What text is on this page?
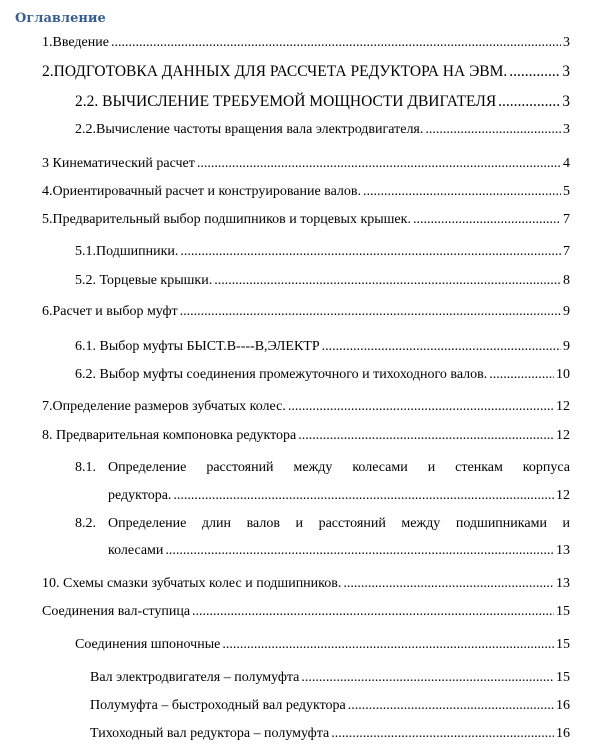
Оглавление
1.Введение .....	3
2.ПОДГОТОВКА ДАННЫХ ДЛЯ РАССЧЕТА РЕДУКТОРА НА ЭВМ. .....	3
2.2. ВЫЧИСЛЕНИЕ ТРЕБУЕМОЙ МОЩНОСТИ ДВИГАТЕЛЯ .....	3
2.2.Вычисление частоты вращения вала электродвигателя. .....	3
3 Кинематический расчет .....	4
4.Ориентировачный расчет и конструирование валов. .....	5
5.Предварительный выбор подшипников и торцевых крышек. .....	7
5.1.Подшипники. .....	7
5.2. Торцевые крышки. .....	8
6.Расчет и выбор муфт .....	9
6.1. Выбор муфты БЫСТ.В----В,ЭЛЕКТР .....	9
6.2. Выбор муфты соединения промежуточного и тихоходного валов. .....	10
7.Определение размеров зубчатых колес. .....	12
8. Предварительная компоновка редуктора .....	12
8.1. Определение расстояний между колесами и стенкам корпуса
редуктора. .....	12
8.2. Определение длин валов и расстояний между подшипниками и
колесами .....	13
10. Схемы смазки зубчатых колес и подшипников. .....	13
Соединения вал-ступица .....	15
Соединения шпоночные .....	15
Вал электродвигателя – полумуфта .....	15
Полумуфта – быстроходный вал редуктора .....	16
Тихоходный вал редуктора – полумуфта .....	16
